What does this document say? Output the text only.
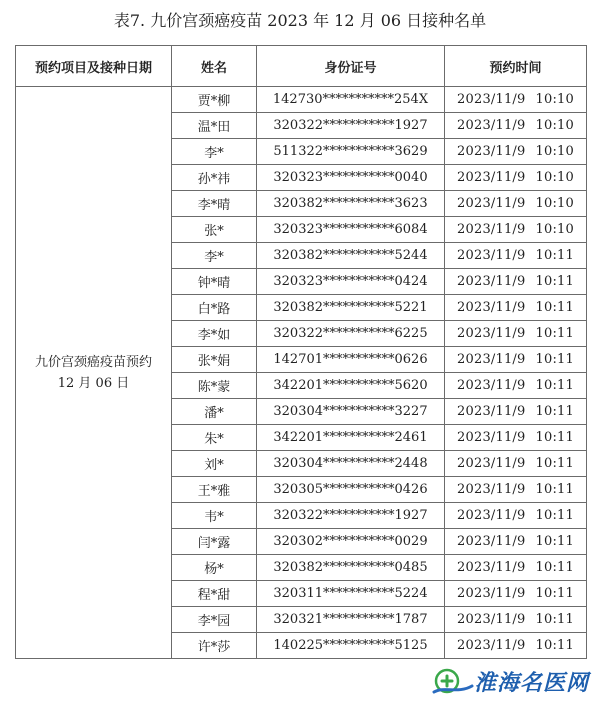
表7. 九价宫颈癌疫苗 2023 年 12 月 06 日接种名单
预约项目及接种日期	姓名	身份证号	预约时间

九价宫颈癌疫苗预约
12 月 06 日	贾*柳	142730***********254X	2023/11/9 10:10
	温*田	320322***********1927	2023/11/9 10:10
	李*	511322***********3629	2023/11/9 10:10
	孙*祎	320323***********0040	2023/11/9 10:10
	李*晴	320382***********3623	2023/11/9 10:10
	张*	320323***********6084	2023/11/9 10:10
	李*	320382***********5244	2023/11/9 10:11
	钟*晴	320323***********0424	2023/11/9 10:11
	白*路	320382***********5221	2023/11/9 10:11
	李*如	320322***********6225	2023/11/9 10:11
	张*娟	142701***********0626	2023/11/9 10:11
	陈*蒙	342201***********5620	2023/11/9 10:11
	潘*	320304***********3227	2023/11/9 10:11
	朱*	342201***********2461	2023/11/9 10:11
	刘*	320304***********2448	2023/11/9 10:11
	王*雅	320305***********0426	2023/11/9 10:11
	韦*	320322***********1927	2023/11/9 10:11
	闫*露	320302***********0029	2023/11/9 10:11
	杨*	320382***********0485	2023/11/9 10:11
	程*甜	320311***********5224	2023/11/9 10:11
	李*园	320321***********1787	2023/11/9 10:11
	许*莎	140225***********5125	2023/11/9 10:11
淮海名医网
